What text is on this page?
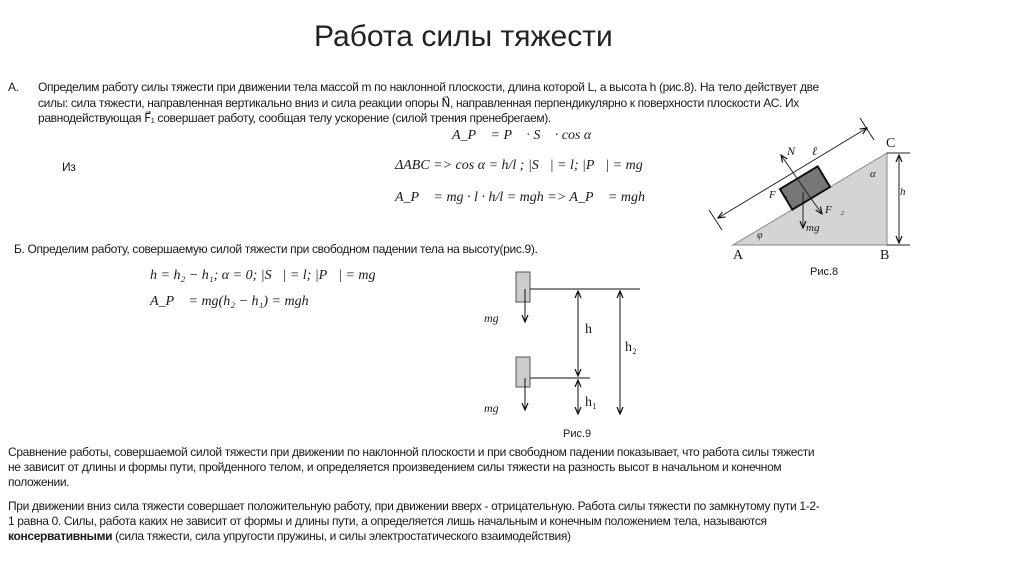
Работа силы тяжести
А. Определим работу силы тяжести при движении тела массой m по наклонной плоскости, длина которой L, а высота h (рис.8). На тело действует две
силы: сила тяжести, направленная вертикально вниз и сила реакции опоры N⃗, направленная перпендикулярно к поверхности плоскости АС. Их
равнодействующая F⃗₁ совершает работу, сообщая телу ускорение (силой трения пренебрегаем).
A_P⃗ = P⃗ · S⃗ · cos α
Из	ΔABC => cos α = h/l ; |S⃗| = l; |P⃗| = mg
A_P⃗ = mg · l · h/l = mgh => A_P⃗ = mgh
Б. Определим работу, совершаемую силой тяжести при свободном падении тела на высоту(рис.9).
h = h₂ − h₁; α = 0; |S⃗| = l; |P⃗| = mg
A_P⃗ = mg(h₂ − h₁) = mgh
A	B
C
N⃗ ℓ
α
h
F⃗₁
F⃗₂
mg⃗
φ
Рис.8
mg⃗
mg⃗
h
h₂
h₁
Рис.9
Сравнение работы, совершаемой силой тяжести при движении по наклонной плоскости и при свободном падении показывает, что работа силы тяжести
не зависит от длины и формы пути, пройденного телом, и определяется произведением силы тяжести на разность высот в начальном и конечном
положении.
При движении вниз сила тяжести совершает положительную работу, при движении вверх - отрицательную. Работа силы тяжести по замкнутому пути 1-2-
1 равна 0. Силы, работа каких не зависит от формы и длины пути, а определяется лишь начальным и конечным положением тела, называются
консервативными (сила тяжести, сила упругости пружины, и силы электростатического взаимодействия)
